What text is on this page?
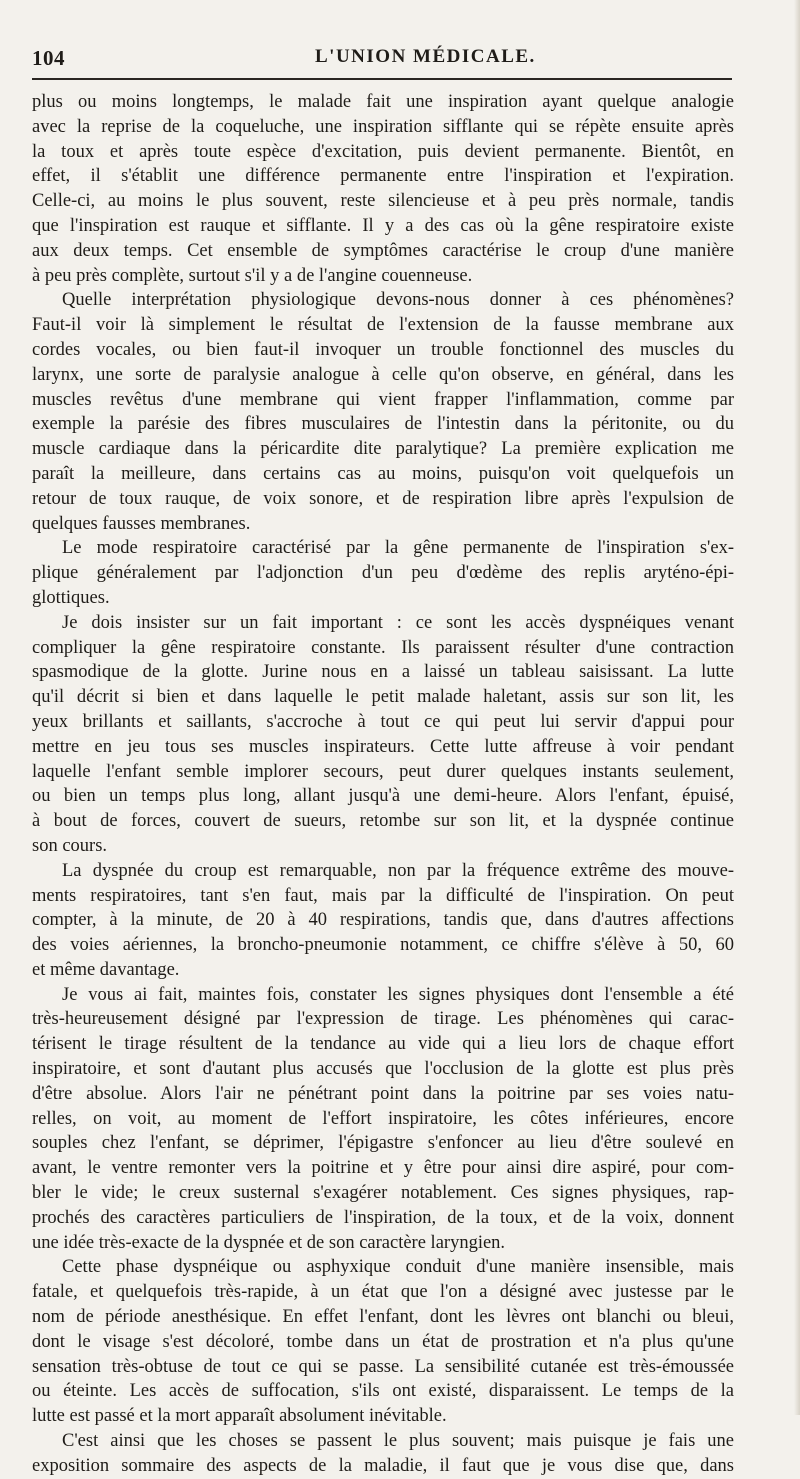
104	L'UNION MÉDICALE.
plus ou moins longtemps, le malade fait une inspiration ayant quelque analogie
avec la reprise de la coqueluche, une inspiration sifflante qui se répète ensuite après
la toux et après toute espèce d'excitation, puis devient permanente. Bientôt, en
effet, il s'établit une différence permanente entre l'inspiration et l'expiration.
Celle-ci, au moins le plus souvent, reste silencieuse et à peu près normale, tandis
que l'inspiration est rauque et sifflante. Il y a des cas où la gêne respiratoire existe
aux deux temps. Cet ensemble de symptômes caractérise le croup d'une manière
à peu près complète, surtout s'il y a de l'angine couenneuse.
Quelle interprétation physiologique devons-nous donner à ces phénomènes?
Faut-il voir là simplement le résultat de l'extension de la fausse membrane aux
cordes vocales, ou bien faut-il invoquer un trouble fonctionnel des muscles du
larynx, une sorte de paralysie analogue à celle qu'on observe, en général, dans les
muscles revêtus d'une membrane qui vient frapper l'inflammation, comme par
exemple la parésie des fibres musculaires de l'intestin dans la péritonite, ou du
muscle cardiaque dans la péricardite dite paralytique? La première explication me
paraît la meilleure, dans certains cas au moins, puisqu'on voit quelquefois un
retour de toux rauque, de voix sonore, et de respiration libre après l'expulsion de
quelques fausses membranes.
Le mode respiratoire caractérisé par la gêne permanente de l'inspiration s'ex-
plique généralement par l'adjonction d'un peu d'œdème des replis aryténo-épi-
glottiques.
Je dois insister sur un fait important : ce sont les accès dyspnéiques venant
compliquer la gêne respiratoire constante. Ils paraissent résulter d'une contraction
spasmodique de la glotte. Jurine nous en a laissé un tableau saisissant. La lutte
qu'il décrit si bien et dans laquelle le petit malade haletant, assis sur son lit, les
yeux brillants et saillants, s'accroche à tout ce qui peut lui servir d'appui pour
mettre en jeu tous ses muscles inspirateurs. Cette lutte affreuse à voir pendant
laquelle l'enfant semble implorer secours, peut durer quelques instants seulement,
ou bien un temps plus long, allant jusqu'à une demi-heure. Alors l'enfant, épuisé,
à bout de forces, couvert de sueurs, retombe sur son lit, et la dyspnée continue
son cours.
La dyspnée du croup est remarquable, non par la fréquence extrême des mouve-
ments respiratoires, tant s'en faut, mais par la difficulté de l'inspiration. On peut
compter, à la minute, de 20 à 40 respirations, tandis que, dans d'autres affections
des voies aériennes, la broncho-pneumonie notamment, ce chiffre s'élève à 50, 60
et même davantage.
Je vous ai fait, maintes fois, constater les signes physiques dont l'ensemble a été
très-heureusement désigné par l'expression de tirage. Les phénomènes qui carac-
térisent le tirage résultent de la tendance au vide qui a lieu lors de chaque effort
inspiratoire, et sont d'autant plus accusés que l'occlusion de la glotte est plus près
d'être absolue. Alors l'air ne pénétrant point dans la poitrine par ses voies natu-
relles, on voit, au moment de l'effort inspiratoire, les côtes inférieures, encore
souples chez l'enfant, se déprimer, l'épigastre s'enfoncer au lieu d'être soulevé en
avant, le ventre remonter vers la poitrine et y être pour ainsi dire aspiré, pour com-
bler le vide; le creux susternal s'exagérer notablement. Ces signes physiques, rap-
prochés des caractères particuliers de l'inspiration, de la toux, et de la voix, donnent
une idée très-exacte de la dyspnée et de son caractère laryngien.
Cette phase dyspnéique ou asphyxique conduit d'une manière insensible, mais
fatale, et quelquefois très-rapide, à un état que l'on a désigné avec justesse par le
nom de période anesthésique. En effet l'enfant, dont les lèvres ont blanchi ou bleui,
dont le visage s'est décoloré, tombe dans un état de prostration et n'a plus qu'une
sensation très-obtuse de tout ce qui se passe. La sensibilité cutanée est très-émoussée
ou éteinte. Les accès de suffocation, s'ils ont existé, disparaissent. Le temps de la
lutte est passé et la mort apparaît absolument inévitable.
C'est ainsi que les choses se passent le plus souvent; mais puisque je fais une
exposition sommaire des aspects de la maladie, il faut que je vous dise que, dans
